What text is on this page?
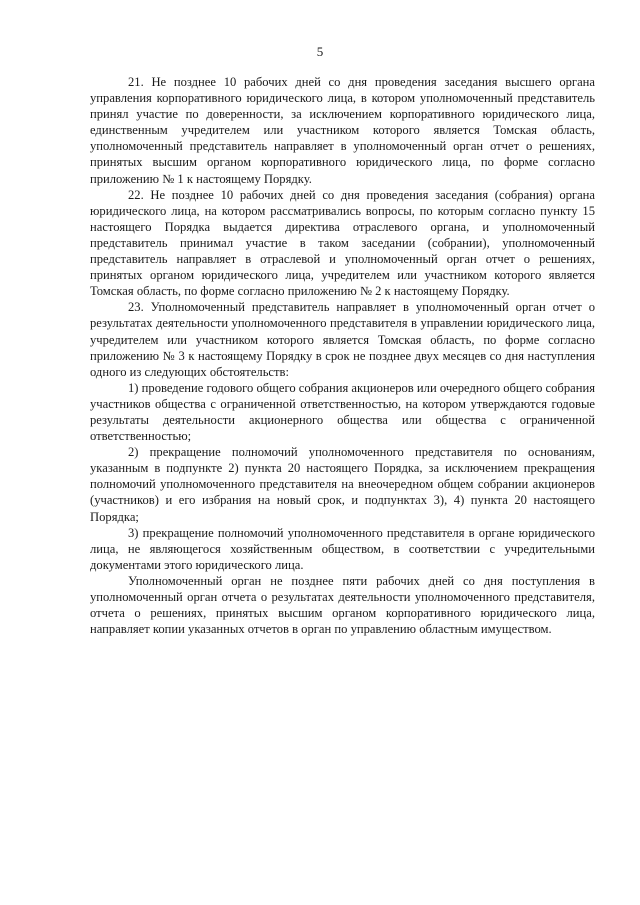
5

21. Не позднее 10 рабочих дней со дня проведения заседания высшего органа управления корпоративного юридического лица, в котором уполномоченный представитель принял участие по доверенности, за исключением корпоративного юридического лица, единственным учредителем или участником которого является Томская область, уполномоченный представитель направляет в уполномоченный орган отчет о решениях, принятых высшим органом корпоративного юридического лица, по форме согласно приложению № 1 к настоящему Порядку.

22. Не позднее 10 рабочих дней со дня проведения заседания (собрания) органа юридического лица, на котором рассматривались вопросы, по которым согласно пункту 15 настоящего Порядка выдается директива отраслевого органа, и уполномоченный представитель принимал участие в таком заседании (собрании), уполномоченный представитель направляет в отраслевой и уполномоченный орган отчет о решениях, принятых органом юридического лица, учредителем или участником которого является Томская область, по форме согласно приложению № 2 к настоящему Порядку.

23. Уполномоченный представитель направляет в уполномоченный орган отчет о результатах деятельности уполномоченного представителя в управлении юридического лица, учредителем или участником которого является Томская область, по форме согласно приложению № 3 к настоящему Порядку в срок не позднее двух месяцев со дня наступления одного из следующих обстоятельств:

1) проведение годового общего собрания акционеров или очередного общего собрания участников общества с ограниченной ответственностью, на котором утверждаются годовые результаты деятельности акционерного общества или общества с ограниченной ответственностью;

2) прекращение полномочий уполномоченного представителя по основаниям, указанным в подпункте 2) пункта 20 настоящего Порядка, за исключением прекращения полномочий уполномоченного представителя на внеочередном общем собрании акционеров (участников) и его избрания на новый срок, и подпунктах 3), 4) пункта 20 настоящего Порядка;

3) прекращение полномочий уполномоченного представителя в органе юридического лица, не являющегося хозяйственным обществом, в соответствии с учредительными документами этого юридического лица.

Уполномоченный орган не позднее пяти рабочих дней со дня поступления в уполномоченный орган отчета о результатах деятельности уполномоченного представителя, отчета о решениях, принятых высшим органом корпоративного юридического лица, направляет копии указанных отчетов в орган по управлению областным имуществом.
